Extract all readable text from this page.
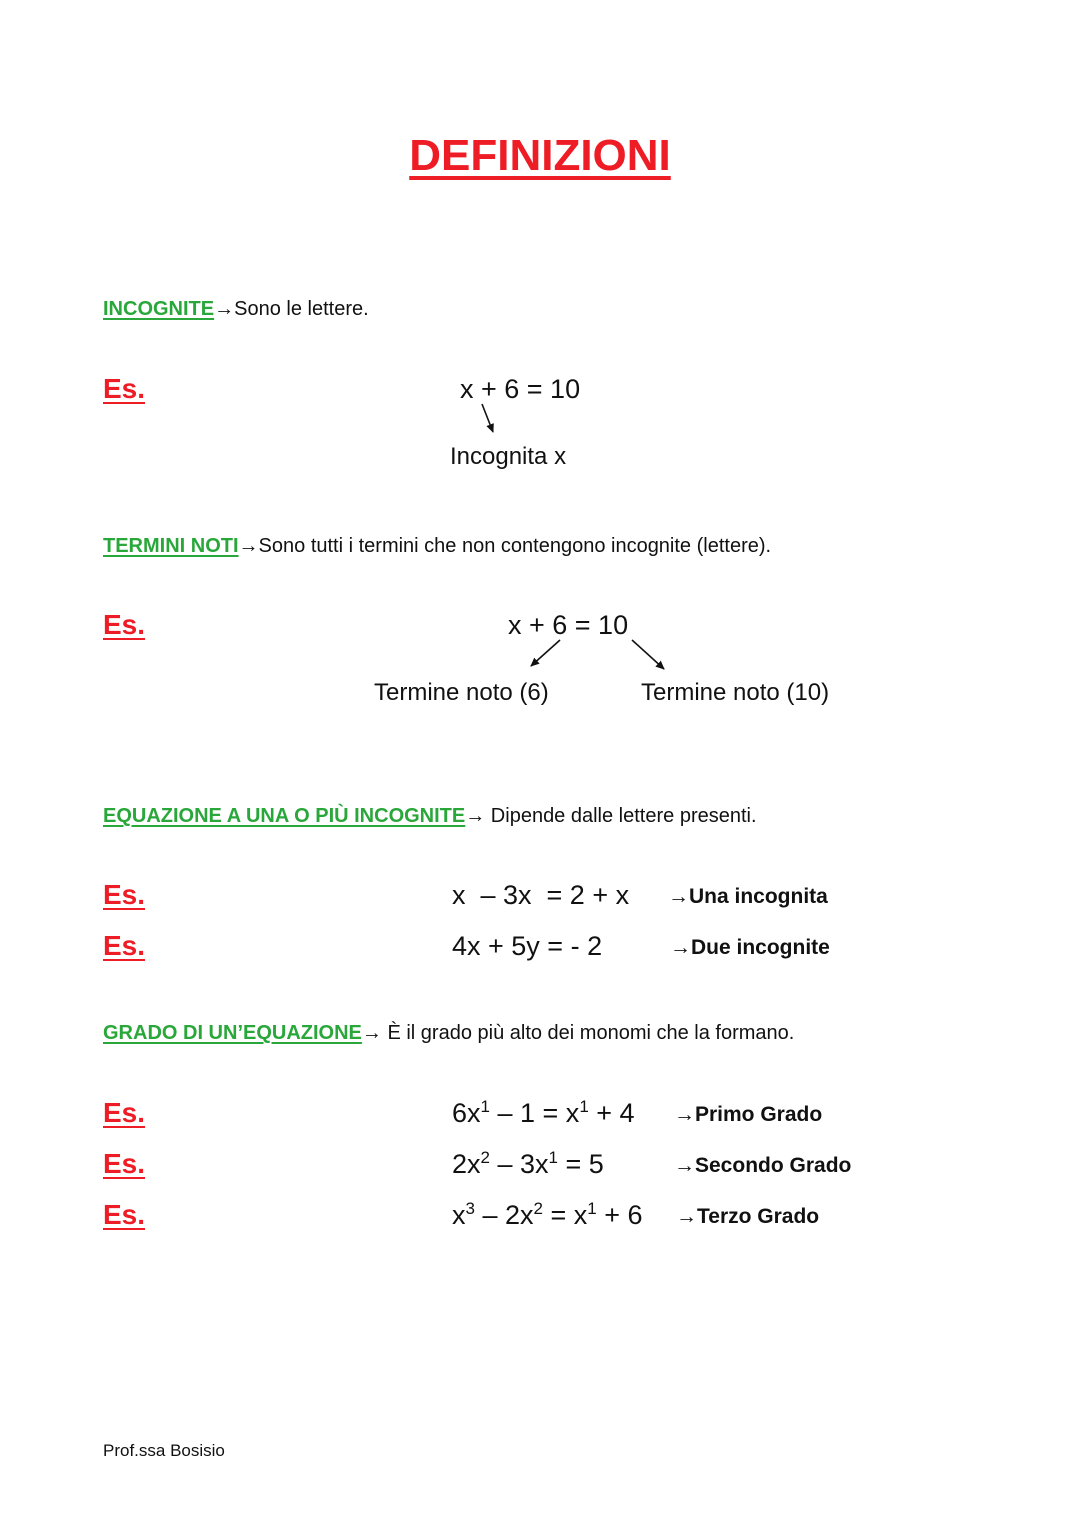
DEFINIZIONI
INCOGNITE→Sono le lettere.
Es.	x + 6 = 10
Incognita x
TERMINI NOTI→Sono tutti i termini che non contengono incognite (lettere).
Es.	x + 6 = 10
Termine noto (6)	Termine noto (10)
EQUAZIONE A UNA O PIÙ INCOGNITE→ Dipende dalle lettere presenti.
Es.	x  – 3x  = 2 + x →Una incognita
Es.	4x + 5y = - 2	→Due incognite
GRADO DI UN’EQUAZIONE→ È il grado più alto dei monomi che la formano.
Es.	$6x^1 - 1 = x^1 + 4$ →Primo Grado
Es.	$2x^2 - 3x^1 = 5$	→Secondo Grado
Es.	$x^3 - 2x^2 = x^1 + 6$ →Terzo Grado
Prof.ssa Bosisio
